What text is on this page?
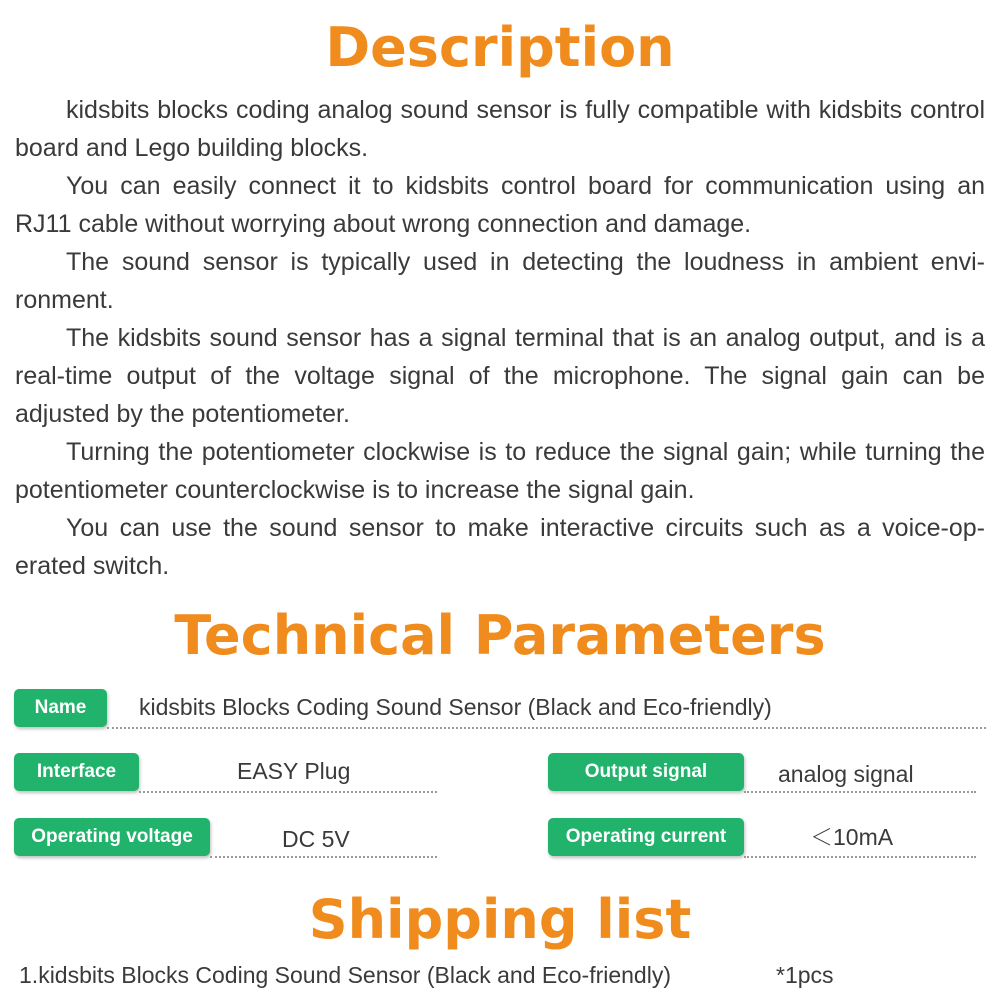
Description

kidsbits blocks coding analog sound sensor is fully compatible with kidsbits control board and Lego building blocks.

You can easily connect it to kidsbits control board for communication using an RJ11 cable without worrying about wrong connection and damage.

The sound sensor is typically used in detecting the loudness in ambient environment.

The kidsbits sound sensor has a signal terminal that is an analog output, and is a real-time output of the voltage signal of the microphone. The signal gain can be adjusted by the potentiometer.

Turning the potentiometer clockwise is to reduce the signal gain; while turning the potentiometer counterclockwise is to increase the signal gain.

You can use the sound sensor to make interactive circuits such as a voice-operated switch.

Technical Parameters
Name	kidsbits Blocks Coding Sound Sensor (Black and Eco-friendly)
Interface	EASY Plug	Output signal	analog signal
Operating voltage	DC 5V	Operating current	＜10mA
Shipping list
1.kidsbits Blocks Coding Sound Sensor (Black and Eco-friendly)	*1pcs
